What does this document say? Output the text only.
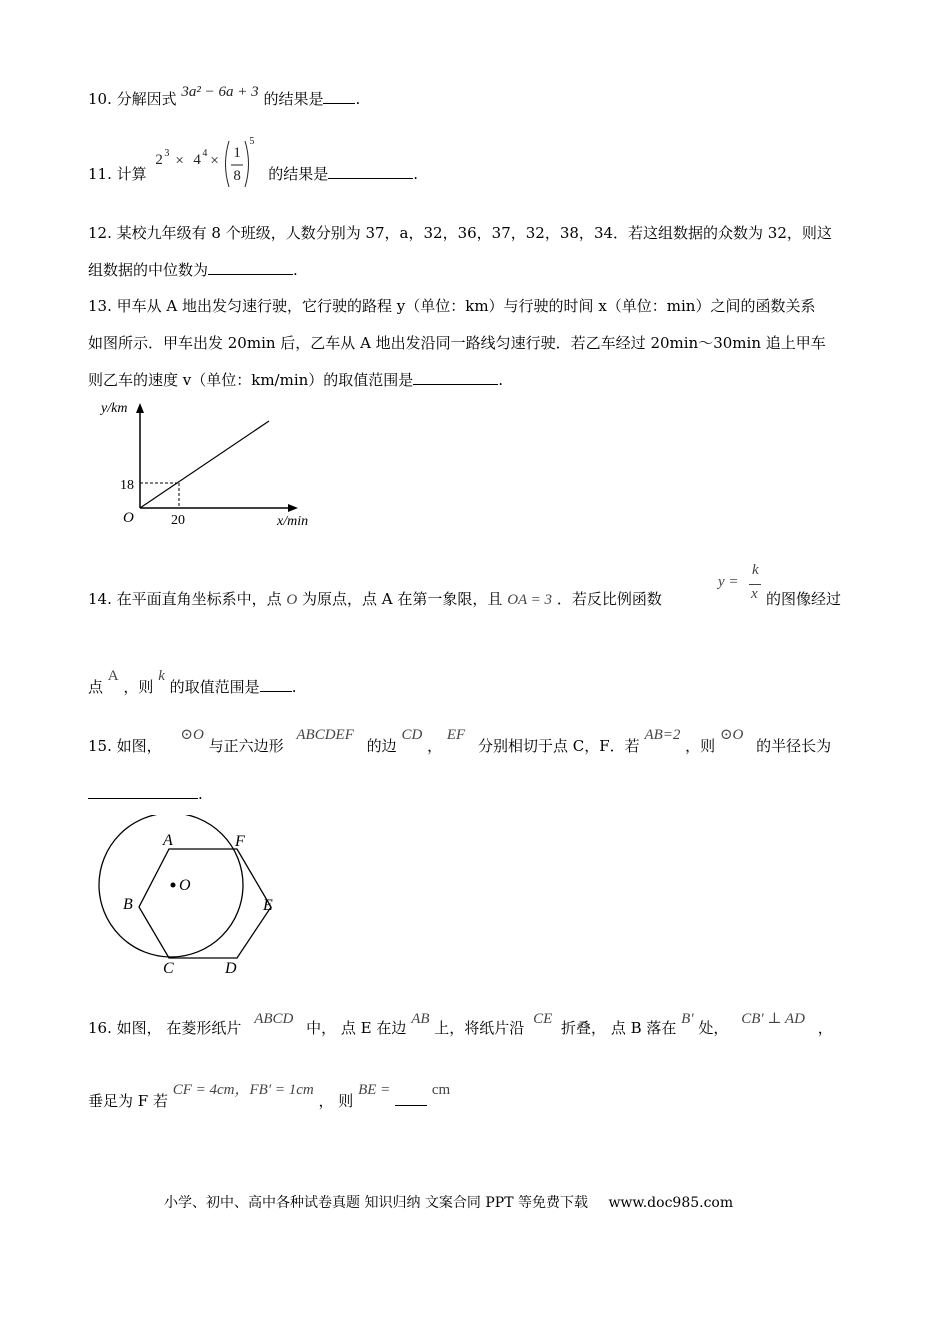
10. 分解因式 3a² − 6a + 3 的结果是 .
11. 计算
2 3 × 4 4 × 1
8
5
的结果是	.
12. 某校九年级有 8 个班级，人数分别为 37，a，32，36，37，32，38，34．若这组数据的众数为 32，则这
组数据的中位数为	.
13. 甲车从 A 地出发匀速行驶，它行驶的路程 y（单位：km）与行驶的时间 x（单位：min）之间的函数关系
如图所示．甲车出发 20min 后，乙车从 A 地出发沿同一路线匀速行驶．若乙车经过 20min～30min 追上甲车
则乙车的速度 v（单位：km/min）的取值范围是	.
y/km
x/min
O
18
20
14. 在平面直角坐标系中，点 O 为原点，点 A 在第一象限，且 OA = 3 ．若反比例函数
y =
k
x 的图像经过
点 A ，则 k 的取值范围是 .
15. 如图， ⊙O 与正六边形 ABCDEF 的边 CD ， EF 分别相切于点 C，F．若 AB=2 ，则 ⊙O 的半径长为
.
A	F
O
B	E
C	D
16. 如图， 在菱形纸片 ABCD 中， 点 E 在边 AB 上，将纸片沿 CE 折叠， 点 B 落在 B′ 处， CB′ ⊥ AD ，
垂足为 F 若 CF = 4cm，FB′ = 1cm ， 则 BE =	cm
小学、初中、高中各种试卷真题 知识归纳 文案合同 PPT 等免费下载 www.doc985.com
